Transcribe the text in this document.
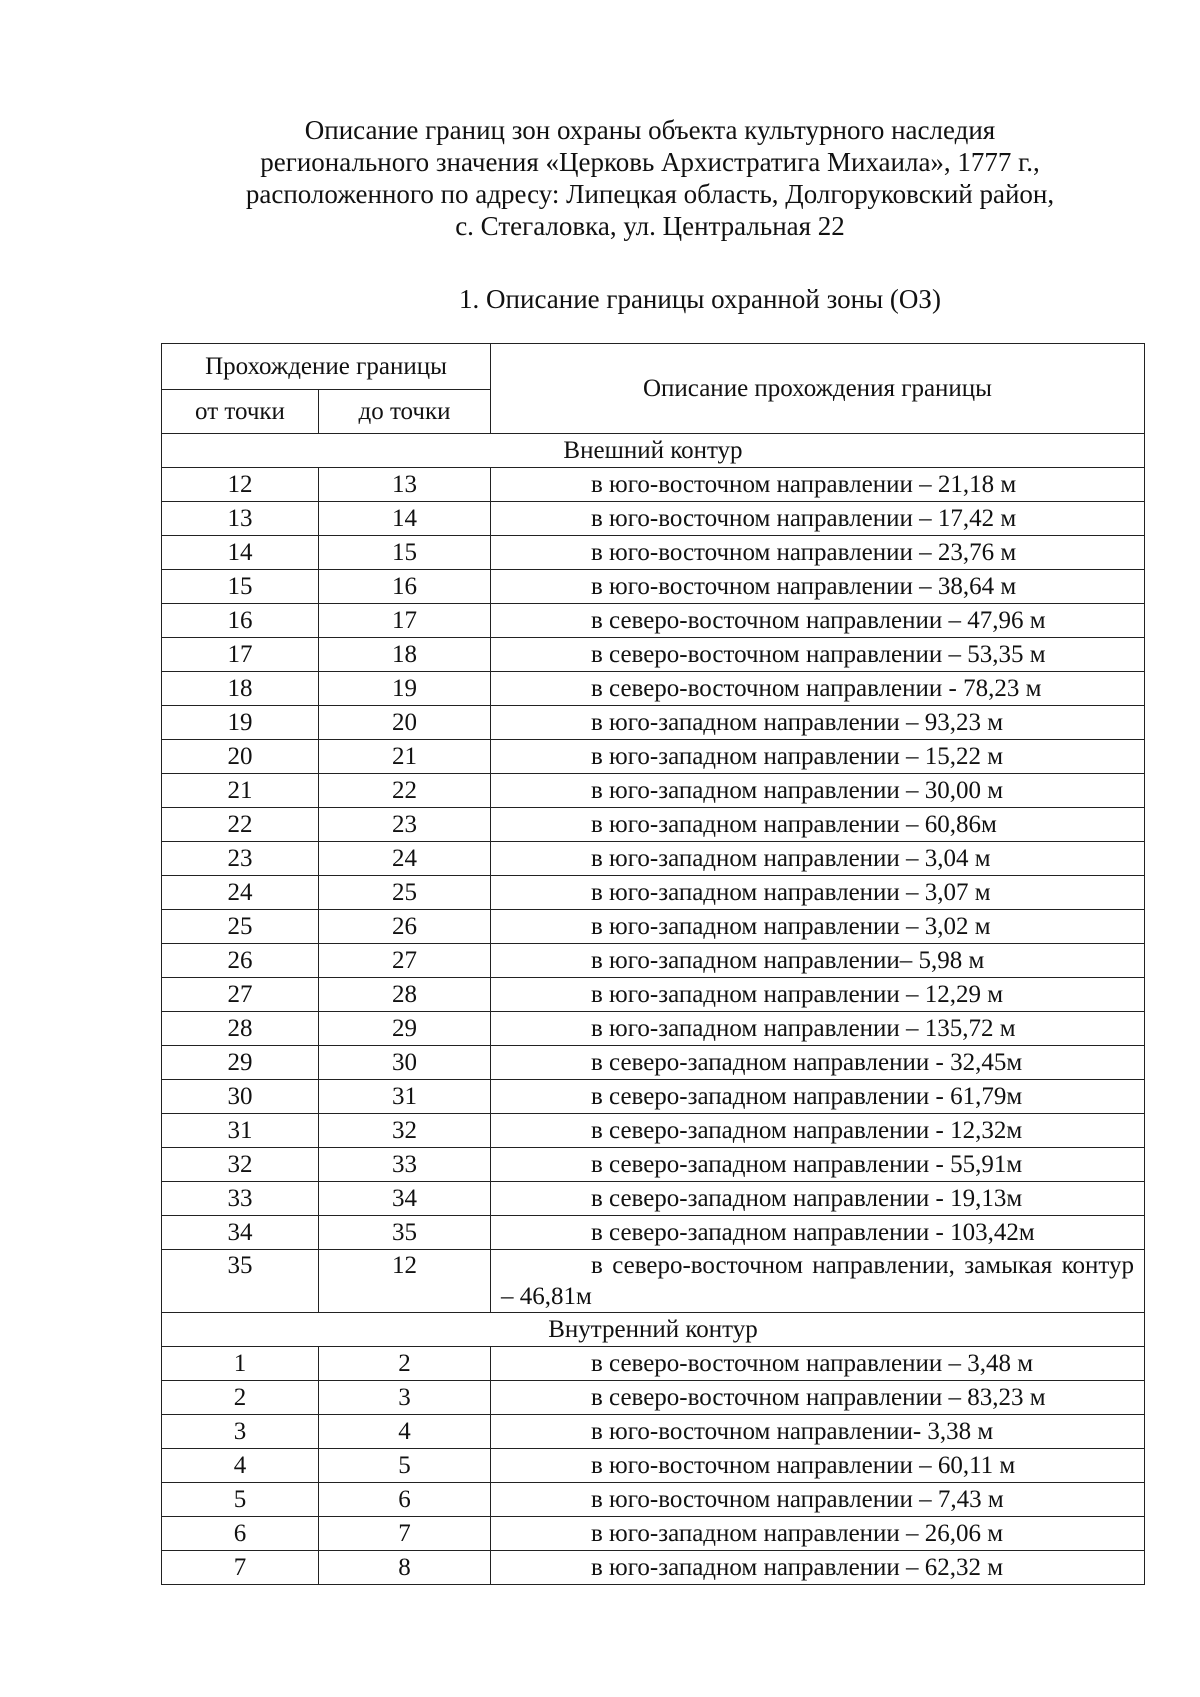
Описание границ зон охраны объекта культурного наследия
регионального значения «Церковь Архистратига Михаила», 1777 г.,
расположенного по адресу: Липецкая область, Долгоруковский район,
с. Стегаловка, ул. Центральная 22
1. Описание границы охранной зоны (ОЗ)
Прохождение границы		Описание прохождения границы
от точки	до точки	
Внешний контур		
12	13	в юго-восточном направлении – 21,18 м
13	14	в юго-восточном направлении – 17,42 м
14	15	в юго-восточном направлении – 23,76 м
15	16	в юго-восточном направлении – 38,64 м
16	17	в северо-восточном направлении – 47,96 м
17	18	в северо-восточном направлении – 53,35 м
18	19	в северо-восточном направлении - 78,23 м
19	20	в юго-западном направлении – 93,23 м
20	21	в юго-западном направлении – 15,22 м
21	22	в юго-западном направлении – 30,00 м
22	23	в юго-западном направлении – 60,86м
23	24	в юго-западном направлении – 3,04 м
24	25	в юго-западном направлении – 3,07 м
25	26	в юго-западном направлении – 3,02 м
26	27	в юго-западном направлении– 5,98 м
27	28	в юго-западном направлении – 12,29 м
28	29	в юго-западном направлении – 135,72 м
29	30	в северо-западном направлении - 32,45м
30	31	в северо-западном направлении - 61,79м
31	32	в северо-западном направлении - 12,32м
32	33	в северо-западном направлении - 55,91м
33	34	в северо-западном направлении - 19,13м
34	35	в северо-западном направлении - 103,42м
35	12	в северо-восточном направлении, замыкая контур – 46,81м
Внутренний контур		
1	2	в северо-восточном направлении – 3,48 м
2	3	в северо-восточном направлении – 83,23 м
3	4	в юго-восточном направлении- 3,38 м
4	5	в юго-восточном направлении – 60,11 м
5	6	в юго-восточном направлении – 7,43 м
6	7	в юго-западном направлении – 26,06 м
7	8	в юго-западном направлении – 62,32 м
